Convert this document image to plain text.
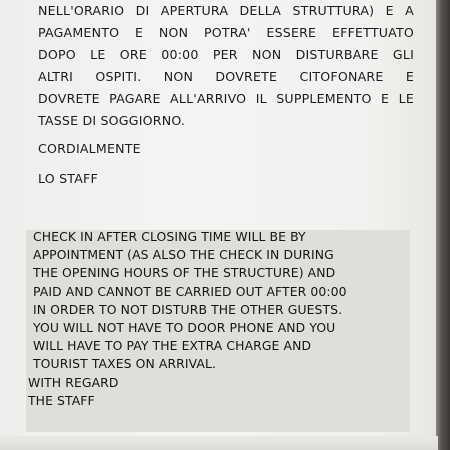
NELL'ORARIO DI APERTURA DELLA STRUTTURA) E A
PAGAMENTO E NON POTRA' ESSERE EFFETTUATO
DOPO LE ORE 00:00 PER NON DISTURBARE GLI
ALTRI OSPITI. NON DOVRETE CITOFONARE E
DOVRETE PAGARE ALL'ARRIVO IL SUPPLEMENTO E LE
TASSE DI SOGGIORNO.
CORDIALMENTE
LO STAFF
CHECK IN AFTER CLOSING TIME WILL BE BY
APPOINTMENT (AS ALSO THE CHECK IN DURING
THE OPENING HOURS OF THE STRUCTURE) AND
PAID AND CANNOT BE CARRIED OUT AFTER 00:00
IN ORDER TO NOT DISTURB THE OTHER GUESTS.
YOU WILL NOT HAVE TO DOOR PHONE AND YOU
WILL HAVE TO PAY THE EXTRA CHARGE AND
TOURIST TAXES ON ARRIVAL.
WITH REGARD
THE STAFF
